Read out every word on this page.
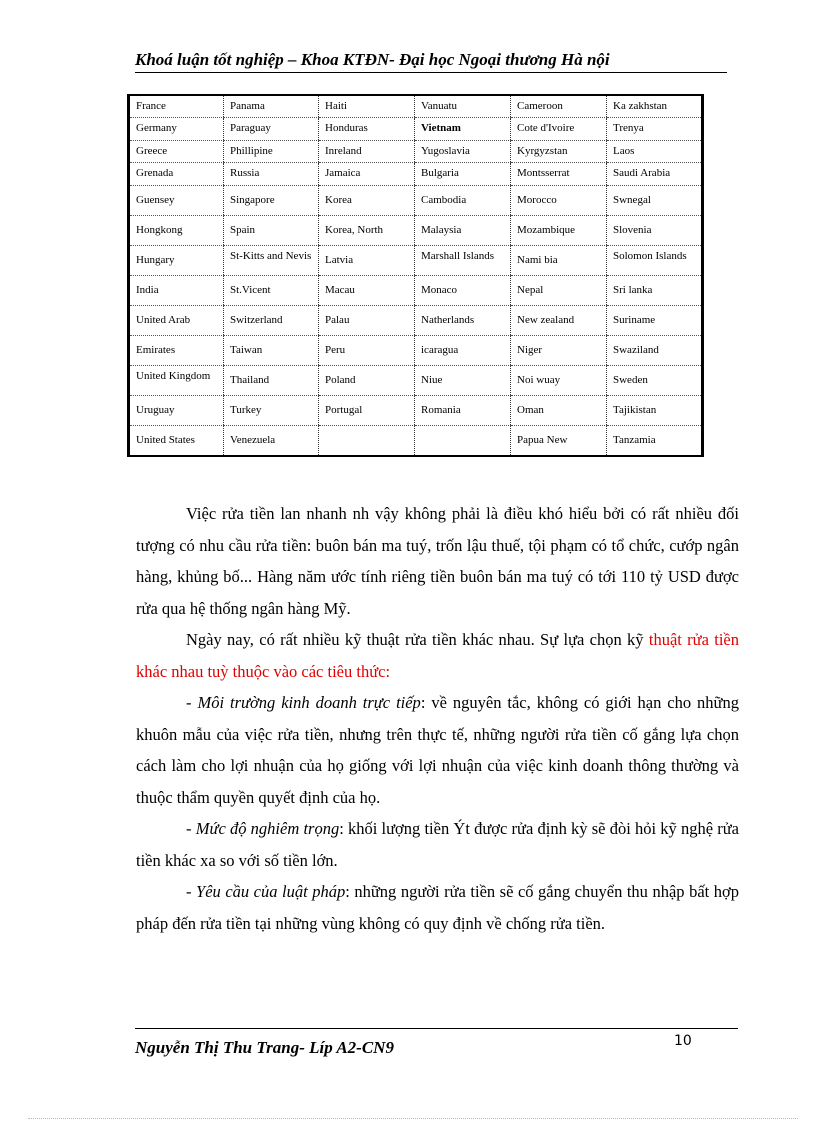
Khoá luận tốt nghiệp – Khoa KTĐN- Đại học Ngoại thương Hà nội
France	Panama	Haiti	Vanuatu	Cameroon	Ka zakhstan
Germany	Paraguay	Honduras	Vietnam	Cote d'Ivoire	Trenya
Greece	Phillipine	Inreland	Yugoslavia	Kyrgyzstan	Laos
Grenada	Russia	Jamaica	Bulgaria	Montsserrat	Saudi Arabia
Guensey	Singapore	Korea	Cambodia	Morocco	Swnegal
Hongkong	Spain	Korea, North	Malaysia	Mozambique	Slovenia
Hungary	St-Kitts and Nevis	Latvia	Marshall Islands	Nami bia	Solomon Islands
India	St.Vicent	Macau	Monaco	Nepal	Sri lanka
United Arab	Switzerland	Palau	Natherlands	New zealand	Suriname
Emirates	Taiwan	Peru	icaragua	Niger	Swaziland
United Kingdom	Thailand	Poland	Niue	Noi wuay	Sweden
Uruguay	Turkey	Portugal	Romania	Oman	Tajikistan
United States	Venezuela			Papua New	Tanzamia

Việc rửa tiền lan nhanh nh vậy không phải là điều khó hiểu bởi có rất nhiều đối tượng có nhu cầu rửa tiền: buôn bán ma tuý, trốn lậu thuế, tội phạm có tổ chức, cướp ngân hàng, khủng bố... Hàng năm ước tính riêng tiền buôn bán ma tuý có tới 110 tỷ USD được rửa qua hệ thống ngân hàng Mỹ.

Ngày nay, có rất nhiều kỹ thuật rửa tiền khác nhau. Sự lựa chọn kỹ thuật rửa tiền khác nhau tuỳ thuộc vào các tiêu thức:

- Môi trường kinh doanh trực tiếp: về nguyên tắc, không có giới hạn cho những khuôn mẫu của việc rửa tiền, nhưng trên thực tế, những người rửa tiền cố gắng lựa chọn cách làm cho lợi nhuận của họ giống với lợi nhuận của việc kinh doanh thông thường và thuộc thẩm quyền quyết định của họ.

- Mức độ nghiêm trọng: khối lượng tiền Ýt được rửa định kỳ sẽ đòi hỏi kỹ nghệ rửa tiền khác xa so với số tiền lớn.

- Yêu cầu của luật pháp: những người rửa tiền sẽ cố gắng chuyển thu nhập bất hợp pháp đến rửa tiền tại những vùng không có quy định về chống rửa tiền.

Nguyễn Thị Thu Trang- Líp A2-CN9	10
